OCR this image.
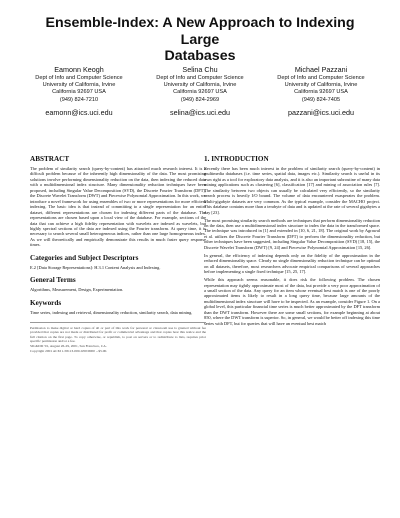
Ensemble-Index: A New Approach to Indexing Large
Databases
Eamonn Keogh
Dept of Info and Computer Science
University of California, Irvine
California 92697 USA
(949) 824-7210
eamonn@ics.uci.edu
Selina Chu
Dept of Info and Computer Science
University of California, Irvine
California 92697 USA
(949) 824-2969
selina@ics.uci.edu
Michael Pazzani
Dept of Info and Computer Science
University of California, Irvine
California 92697 USA
(949) 824-7405
pazzani@ics.uci.edu
ABSTRACT
The problem of similarity search (query-by-content) has attracted much research interest. It is a difficult problem because of the inherently high dimensionality of the data. The most promising solutions involve performing dimensionality reduction on the data, then indexing the reduced data with a multidimensional index structure. Many dimensionality reduction techniques have been proposed, including Singular Value Decomposition (SVD), the Discrete Fourier Transform (DFT), the Discrete Wavelet Transform (DWT) and Piecewise Polynomial Approximation. In this work, we introduce a novel framework for using ensembles of two or more representations for more efficient indexing. The basic idea is that instead of committing to a single representation for an entire dataset, different representations are chosen for indexing different parts of the database. The representations are chosen based upon a local view of the database. For example, sections of the data that can achieve a high fidelity representation with wavelets are indexed as wavelets, but highly spectral sections of the data are indexed using the Fourier transform. At query time, it is necessary to search several small heterogeneous indices, rather than one large homogeneous index. As we will theoretically and empirically demonstrate this results in much faster query response times.
Categories and Subject Descriptors
E.2 [Data Storage Representations]: H.3.1 Content Analysis and Indexing.
General Terms
Algorithms, Measurement, Design, Experimentation.
Keywords
Time series, indexing and retrieval, dimensionality reduction, similarity search, data mining.
Permission to make digital or hard copies of all or part of this work for personal or classroom use is granted without fee provided that copies are not made or distributed for profit or commercial advantage and that copies bear this notice and the full citation on the first page. To copy otherwise, or republish, to post on servers or to redistribute to lists, requires prior specific permission and/or a fee.
SIGKDD '01, August 26-29, 2001, San Francisco, CA.
Copyright 2001 ACM 1-58113-000-0/00/0000 ...$5.00.
1. INTRODUCTION
Recently there has been much interest in the problem of similarity search (query-by-content) in multimedia databases (i.e. time series, spatial data, images etc.). Similarity search is useful in its own right as a tool for exploratory data analysis, and it is also an important subroutine of many data mining applications such as clustering [6], classification [17] and mining of association rules [7]. The similarity between two objects can usually be calculated very efficiently, so the similarity search process is heavily I/O bound. The volume of data encountered exasperates the problem. Multi-gigabyte datasets are very common. As the typical example, consider the MACHO project. This database contains more than a terabyte of data and is updated at the rate of several gigabytes a day [23].
The most promising similarity search methods are techniques that perform dimensionality reduction on the data, then use a multidimensional index structure to index the data in the transformed space. The technique was introduced in [1] and extended in [10, 6, 21, 18]. The original work by Agrawal et al. utilizes the Discrete Fourier Transform (DFT) to perform the dimensionality reduction, but other techniques have been suggested, including Singular Value Decomposition (SVD) [18, 15], the Discrete Wavelet Transform (DWT) [9, 24] and Piecewise Polynomial Approximation [15, 26].
In general, the efficiency of indexing depends only on the fidelity of the approximation in the reduced dimensionality space. Clearly no single dimensionality reduction technique can be optimal on all datasets, therefore, most researchers advocate empirical comparisons of several approaches before implementing a single fixed technique [15, 25, 17].
While this approach seems reasonable, it does risk the following problem. The chosen representation may tightly approximate most of the data, but provide a very poor approximation of a small section of the data. Any query for an item whose eventual best match is one of the poorly approximated items is likely to result in a long query time, because large amounts of the multidimensional index structure will have to be inspected. As an example, consider Figure 1. On a global level, this particular financial time series is much better approximated by the DFT transform than the DWT transform. However there are some small sections, for example beginning at about 850, where the DWT transform is superior. So, in general, we would be better off indexing this time series with DFT, but for queries that will have an eventual best match
